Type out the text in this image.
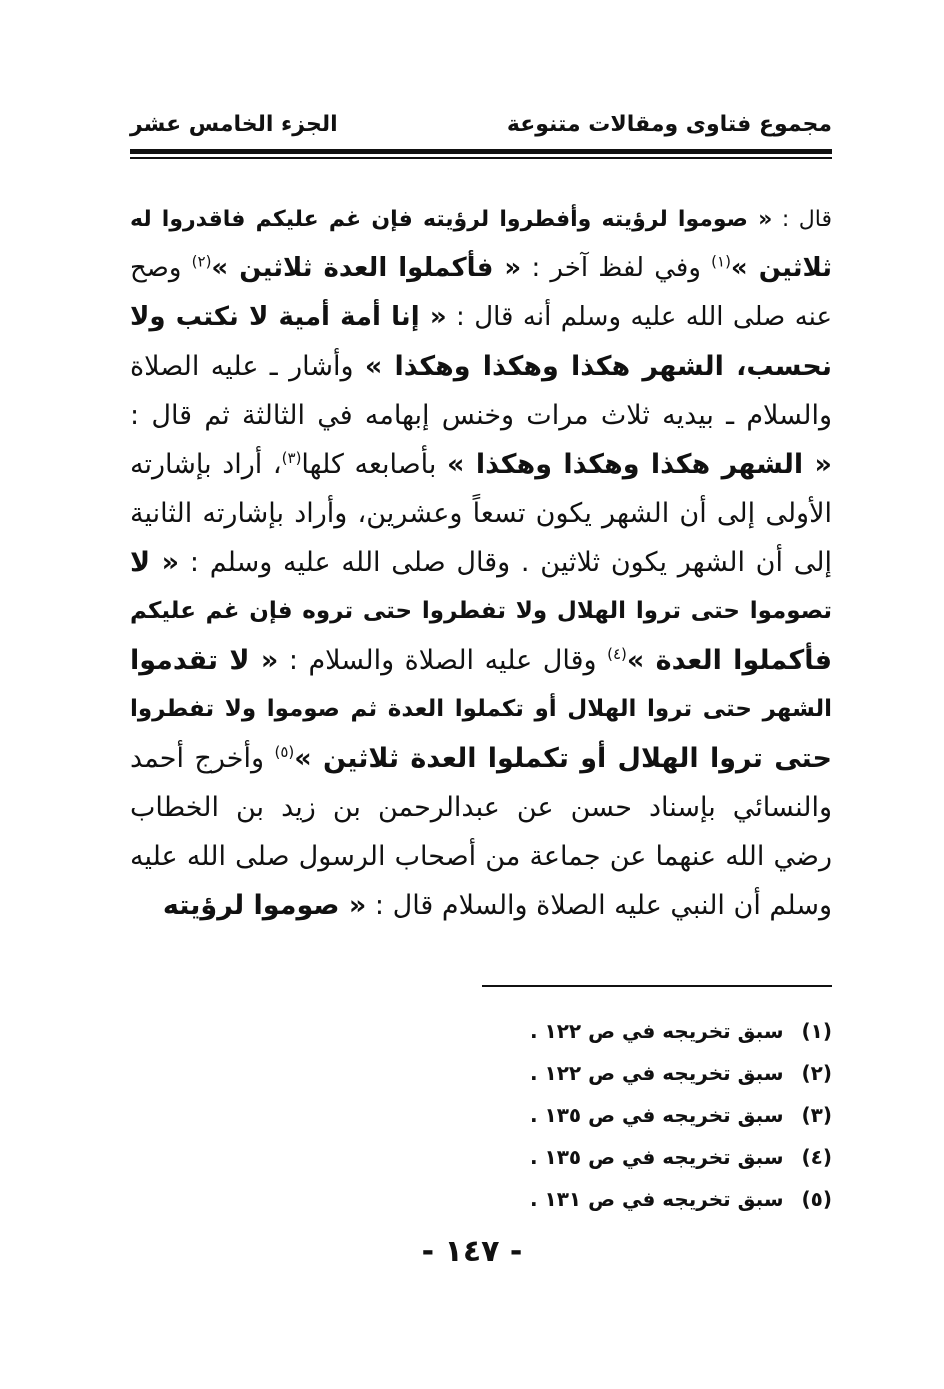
مجموع فتاوى ومقالات متنوعة
الجزء الخامس عشر
قال : « صوموا لرؤيته وأفطروا لرؤيته فإن غم عليكم فاقدروا له
ثلاثين »$^{(١)}$ وفي لفظ آخر : « فأكملوا العدة ثلاثين »$^{(٢)}$ وصح
عنه صلى الله عليه وسلم أنه قال : « إنا أمة أمية لا نكتب ولا
نحسب، الشهر هكذا وهكذا وهكذا » وأشار ـ عليه الصلاة
والسلام ـ بيديه ثلاث مرات وخنس إبهامه في الثالثة ثم قال :
« الشهر هكذا وهكذا وهكذا » بأصابعه كلها$^{(٣)}$، أراد بإشارته
الأولى إلى أن الشهر يكون تسعاً وعشرين، وأراد بإشارته الثانية
إلى أن الشهر يكون ثلاثين . وقال صلى الله عليه وسلم : « لا
تصوموا حتى تروا الهلال ولا تفطروا حتى تروه فإن غم عليكم
فأكملوا العدة »$^{(٤)}$ وقال عليه الصلاة والسلام : « لا تقدموا
الشهر حتى تروا الهلال أو تكملوا العدة ثم صوموا ولا تفطروا
حتى تروا الهلال أو تكملوا العدة ثلاثين »$^{(٥)}$ وأخرج أحمد
والنسائي بإسناد حسن عن عبدالرحمن بن زيد بن الخطاب
رضي الله عنهما عن جماعة من أصحاب الرسول صلى الله عليه
وسلم أن النبي عليه الصلاة والسلام قال : « صوموا لرؤيته
(١)سبق تخريجه في ص ١٢٢ .
(٢)سبق تخريجه في ص ١٢٢ .
(٣)سبق تخريجه في ص ١٣٥ .
(٤)سبق تخريجه في ص ١٣٥ .
(٥)سبق تخريجه في ص ١٣١ .
- ١٤٧ -
